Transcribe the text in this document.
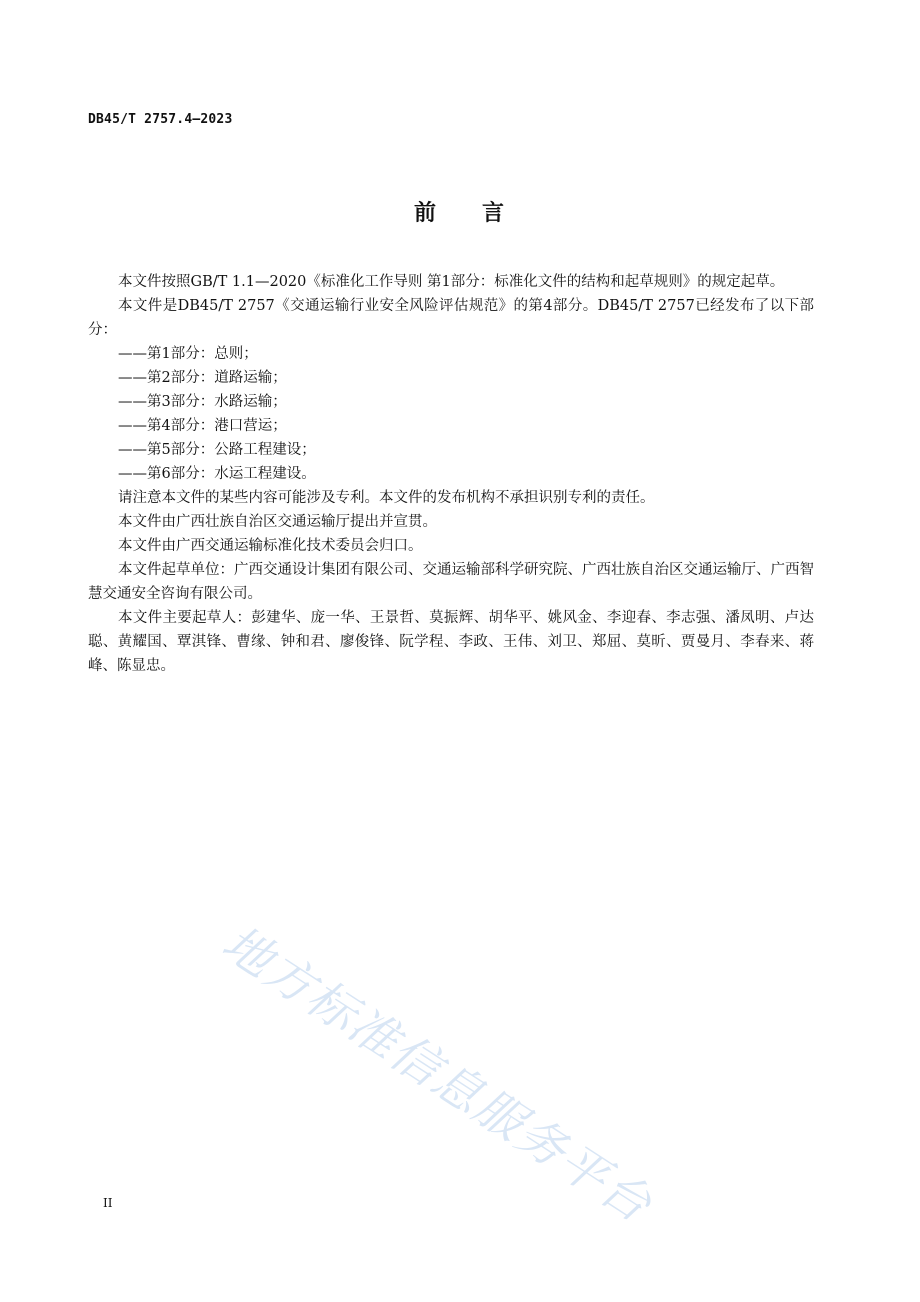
DB45/T 2757.4—2023
前 言

本文件按照GB/T 1.1—2020《标准化工作导则 第1部分：标准化文件的结构和起草规则》的规定起草。

本文件是DB45/T 2757《交通运输行业安全风险评估规范》的第4部分。DB45/T 2757已经发布了以下部分：

——第1部分：总则；
——第2部分：道路运输；
——第3部分：水路运输；
——第4部分：港口营运；
——第5部分：公路工程建设；
——第6部分：水运工程建设。

请注意本文件的某些内容可能涉及专利。本文件的发布机构不承担识别专利的责任。

本文件由广西壮族自治区交通运输厅提出并宣贯。

本文件由广西交通运输标准化技术委员会归口。

本文件起草单位：广西交通设计集团有限公司、交通运输部科学研究院、广西壮族自治区交通运输厅、广西智慧交通安全咨询有限公司。

本文件主要起草人：彭建华、庞一华、王景哲、莫振辉、胡华平、姚风金、李迎春、李志强、潘凤明、卢达聪、黄耀国、覃淇锋、曹缘、钟和君、廖俊锋、阮学程、李政、王伟、刘卫、郑屈、莫昕、贾曼月、李春来、蒋峰、陈显忠。

地方标准信息服务平台
II
